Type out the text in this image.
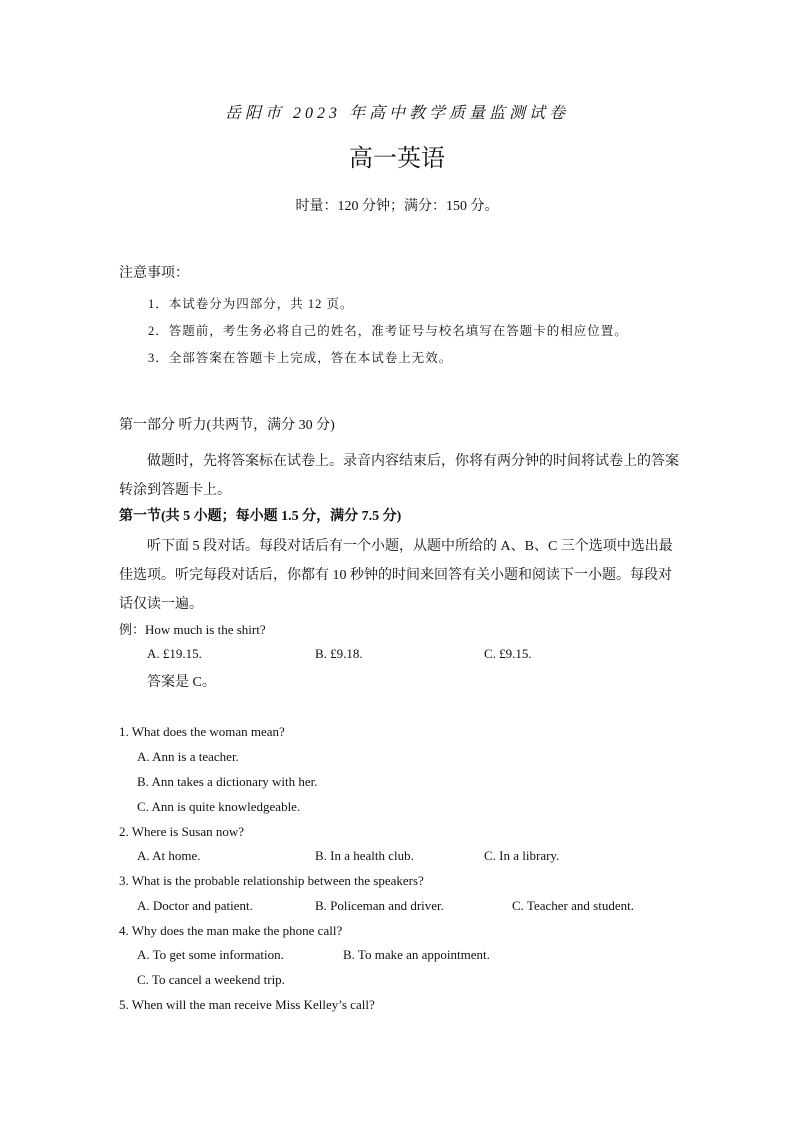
岳阳市 2023 年高中教学质量监测试卷
高一英语
时量：120 分钟；满分：150 分。
注意事项：
1．本试卷分为四部分，共 12 页。
2．答题前，考生务必将自己的姓名，准考证号与校名填写在答题卡的相应位置。
3．全部答案在答题卡上完成，答在本试卷上无效。
第一部分 听力(共两节，满分 30 分)
做题时，先将答案标在试卷上。录音内容结束后，你将有两分钟的时间将试卷上的答案转涂到答题卡上。
第一节(共 5 小题；每小题 1.5 分，满分 7.5 分)
听下面 5 段对话。每段对话后有一个小题，从题中所给的 A、B、C 三个选项中选出最佳选项。听完每段对话后，你都有 10 秒钟的时间来回答有关小题和阅读下一小题。每段对话仅读一遍。
例：How much is the shirt?
A. £19.15.	B. £9.18.	C. £9.15.
答案是 C。
1. What does the woman mean?
A. Ann is a teacher.
B. Ann takes a dictionary with her.
C. Ann is quite knowledgeable.
2. Where is Susan now?
A. At home.	B. In a health club.	C. In a library.
3. What is the probable relationship between the speakers?
A. Doctor and patient.	B. Policeman and driver.	C. Teacher and student.
4. Why does the man make the phone call?
A. To get some information.	B. To make an appointment.
C. To cancel a weekend trip.
5. When will the man receive Miss Kelley’s call?
